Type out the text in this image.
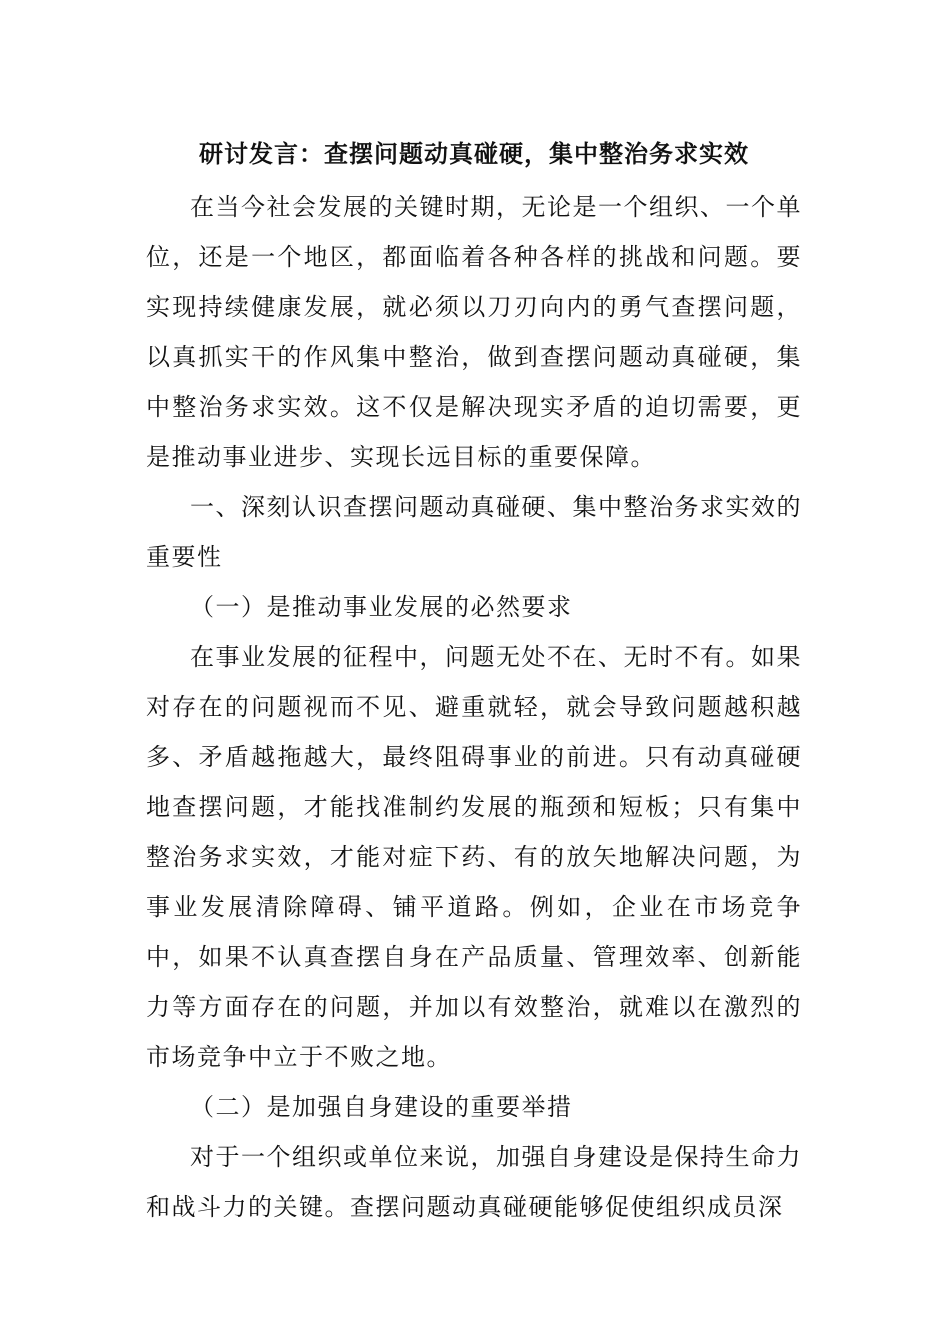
研讨发言：查摆问题动真碰硬，集中整治务求实效

在当今社会发展的关键时期，无论是一个组织、一个单位，还是一个地区，都面临着各种各样的挑战和问题。要实现持续健康发展，就必须以刀刃向内的勇气查摆问题，以真抓实干的作风集中整治，做到查摆问题动真碰硬，集中整治务求实效。这不仅是解决现实矛盾的迫切需要，更是推动事业进步、实现长远目标的重要保障。

一、深刻认识查摆问题动真碰硬、集中整治务求实效的重要性

（一）是推动事业发展的必然要求

在事业发展的征程中，问题无处不在、无时不有。如果对存在的问题视而不见、避重就轻，就会导致问题越积越多、矛盾越拖越大，最终阻碍事业的前进。只有动真碰硬地查摆问题，才能找准制约发展的瓶颈和短板；只有集中整治务求实效，才能对症下药、有的放矢地解决问题，为事业发展清除障碍、铺平道路。例如，企业在市场竞争中，如果不认真查摆自身在产品质量、管理效率、创新能力等方面存在的问题，并加以有效整治，就难以在激烈的市场竞争中立于不败之地。

（二）是加强自身建设的重要举措

对于一个组织或单位来说，加强自身建设是保持生命力和战斗力的关键。查摆问题动真碰硬能够促使组织成员深
